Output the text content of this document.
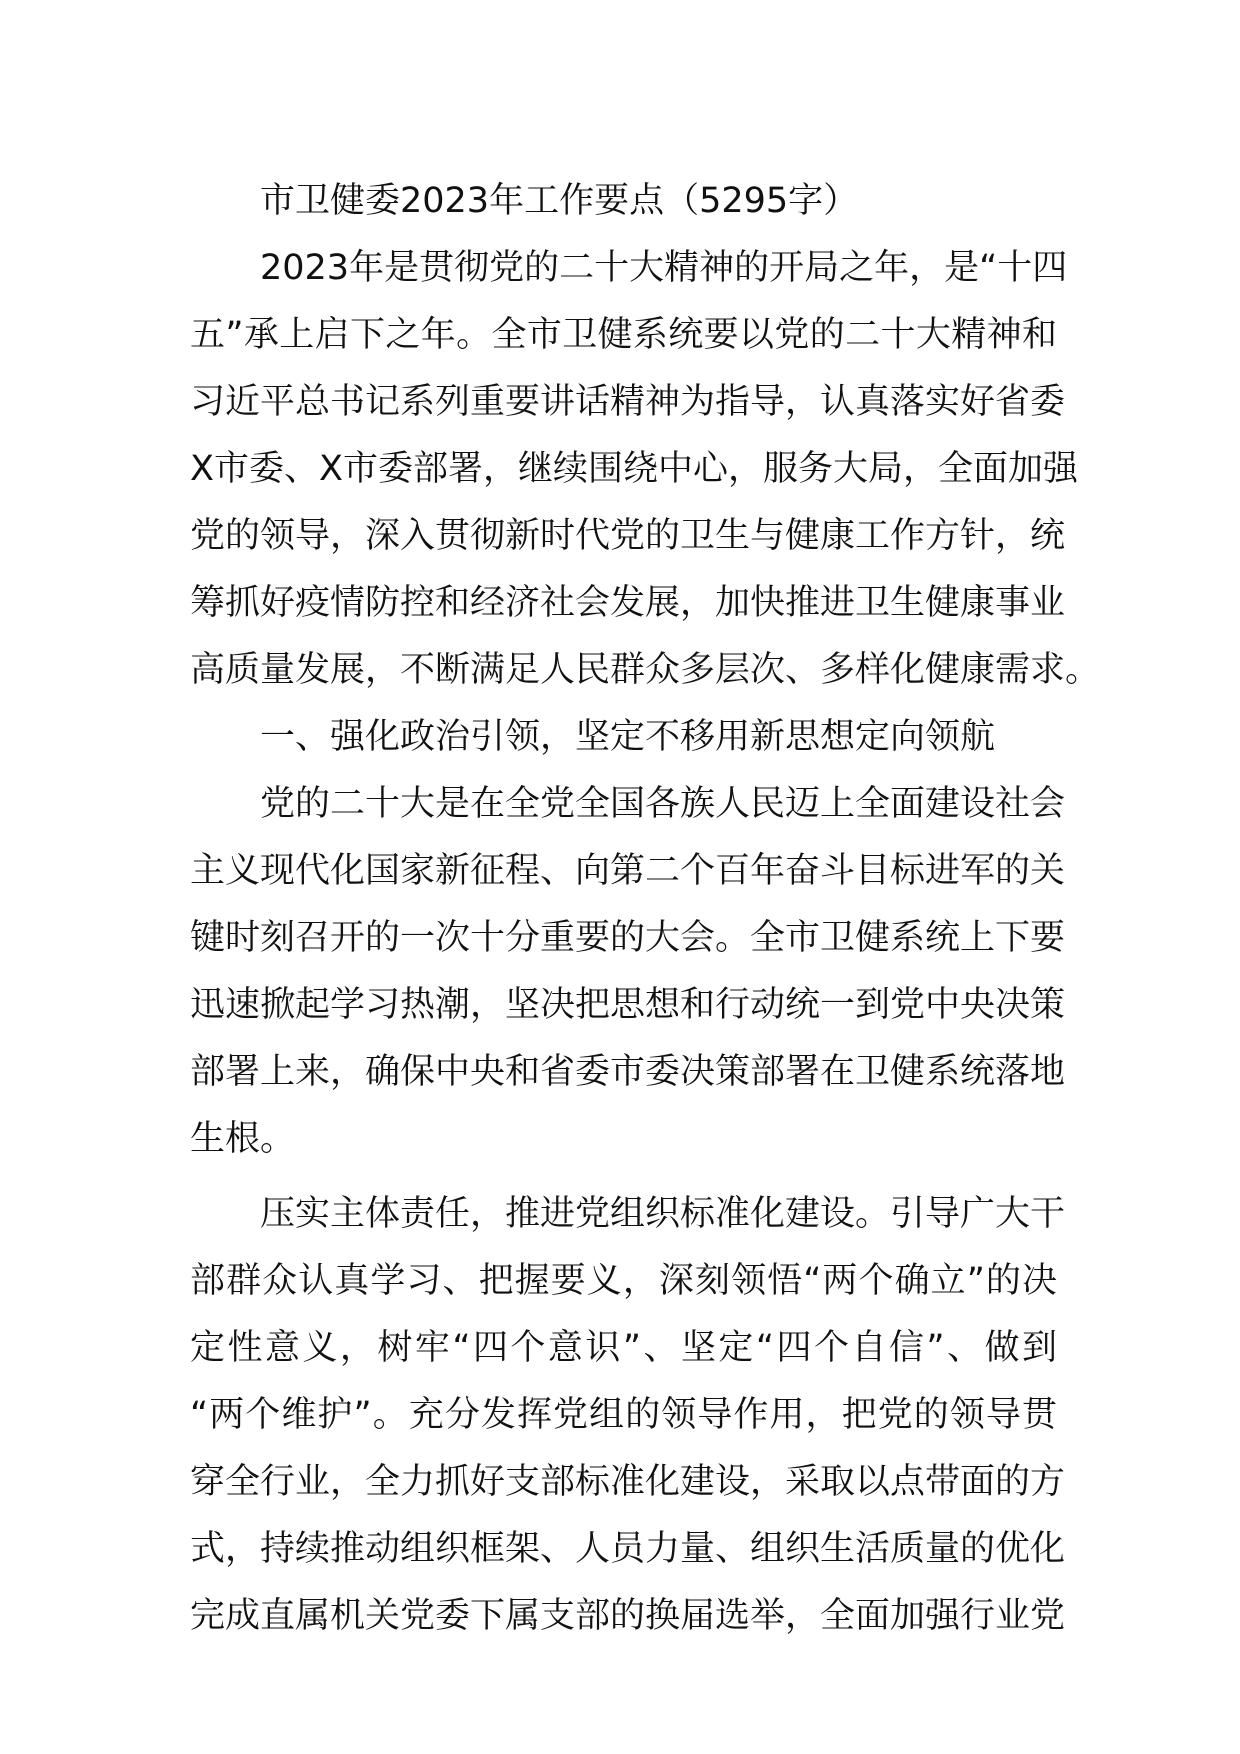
市卫健委2023年工作要点（5295字）

2023年是贯彻党的二十大精神的开局之年，是“十四
五”承上启下之年。全市卫健系统要以党的二十大精神和
习近平总书记系列重要讲话精神为指导，认真落实好省委
X市委、X市委部署，继续围绕中心，服务大局，全面加强
党的领导，深入贯彻新时代党的卫生与健康工作方针，统
筹抓好疫情防控和经济社会发展，加快推进卫生健康事业
高质量发展，不断满足人民群众多层次、多样化健康需求。

一、强化政治引领，坚定不移用新思想定向领航

党的二十大是在全党全国各族人民迈上全面建设社会
主义现代化国家新征程、向第二个百年奋斗目标进军的关
键时刻召开的一次十分重要的大会。全市卫健系统上下要
迅速掀起学习热潮，坚决把思想和行动统一到党中央决策
部署上来，确保中央和省委市委决策部署在卫健系统落地
生根。

压实主体责任，推进党组织标准化建设。引导广大干
部群众认真学习、把握要义，深刻领悟“两个确立”的决
定性意义，树牢“四个意识”、坚定“四个自信”、做到
“两个维护”。充分发挥党组的领导作用，把党的领导贯
穿全行业，全力抓好支部标准化建设，采取以点带面的方
式，持续推动组织框架、人员力量、组织生活质量的优化
完成直属机关党委下属支部的换届选举，全面加强行业党
